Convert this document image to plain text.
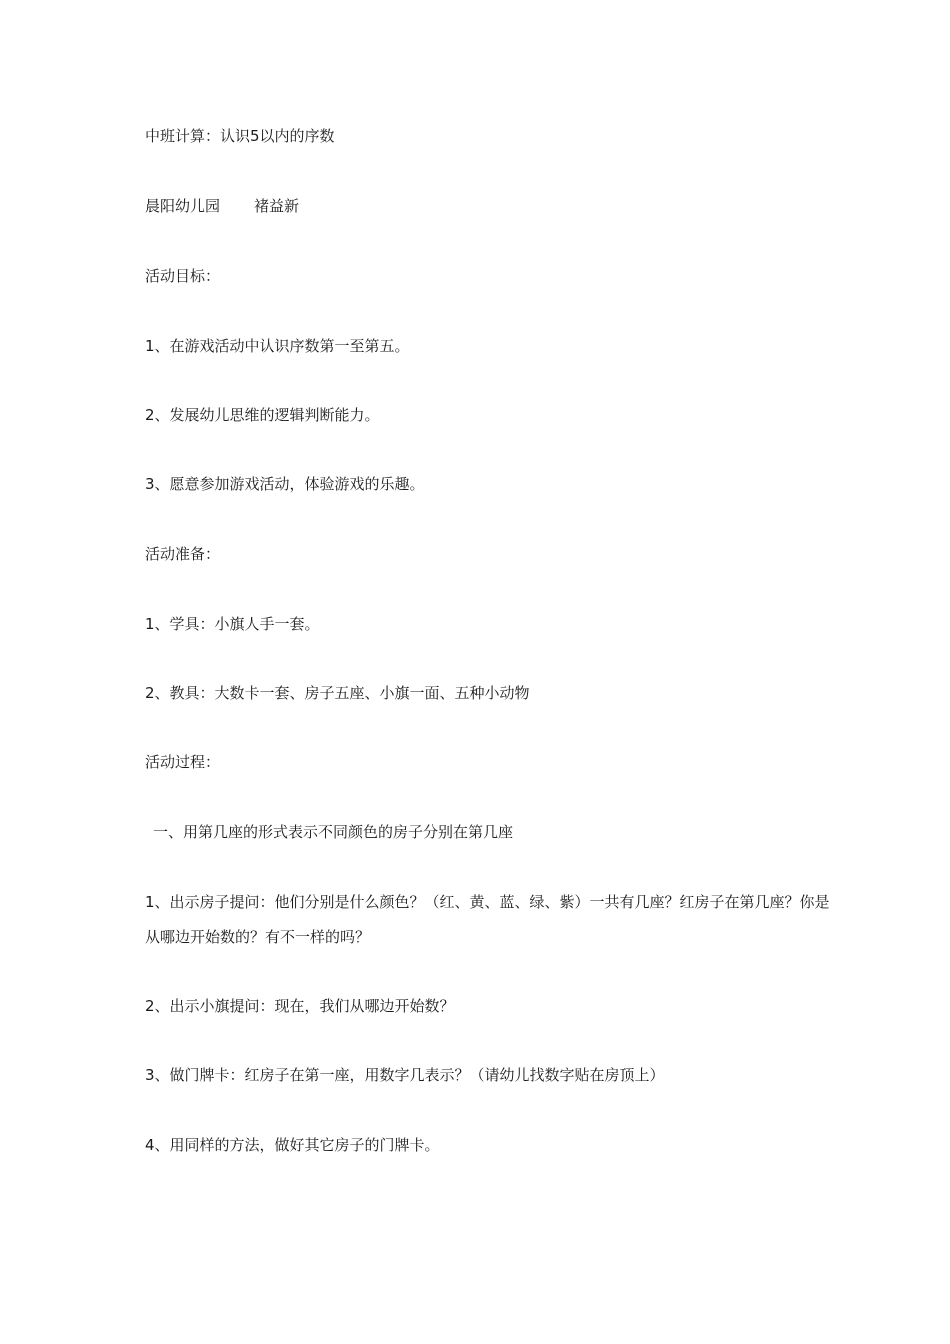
中班计算：认识5以内的序数

晨阳幼儿园 褚益新

活动目标：

1、在游戏活动中认识序数第一至第五。

2、发展幼儿思维的逻辑判断能力。

3、愿意参加游戏活动，体验游戏的乐趣。

活动准备：

1、学具：小旗人手一套。

2、教具：大数卡一套、房子五座、小旗一面、五种小动物

活动过程：

一、用第几座的形式表示不同颜色的房子分别在第几座

1、出示房子提问：他们分别是什么颜色？（红、黄、蓝、绿、紫）一共有几座？红房子在第几座？你是从哪边开始数的？有不一样的吗？

2、出示小旗提问：现在，我们从哪边开始数？

3、做门牌卡：红房子在第一座，用数字几表示？（请幼儿找数字贴在房顶上）

4、用同样的方法，做好其它房子的门牌卡。
